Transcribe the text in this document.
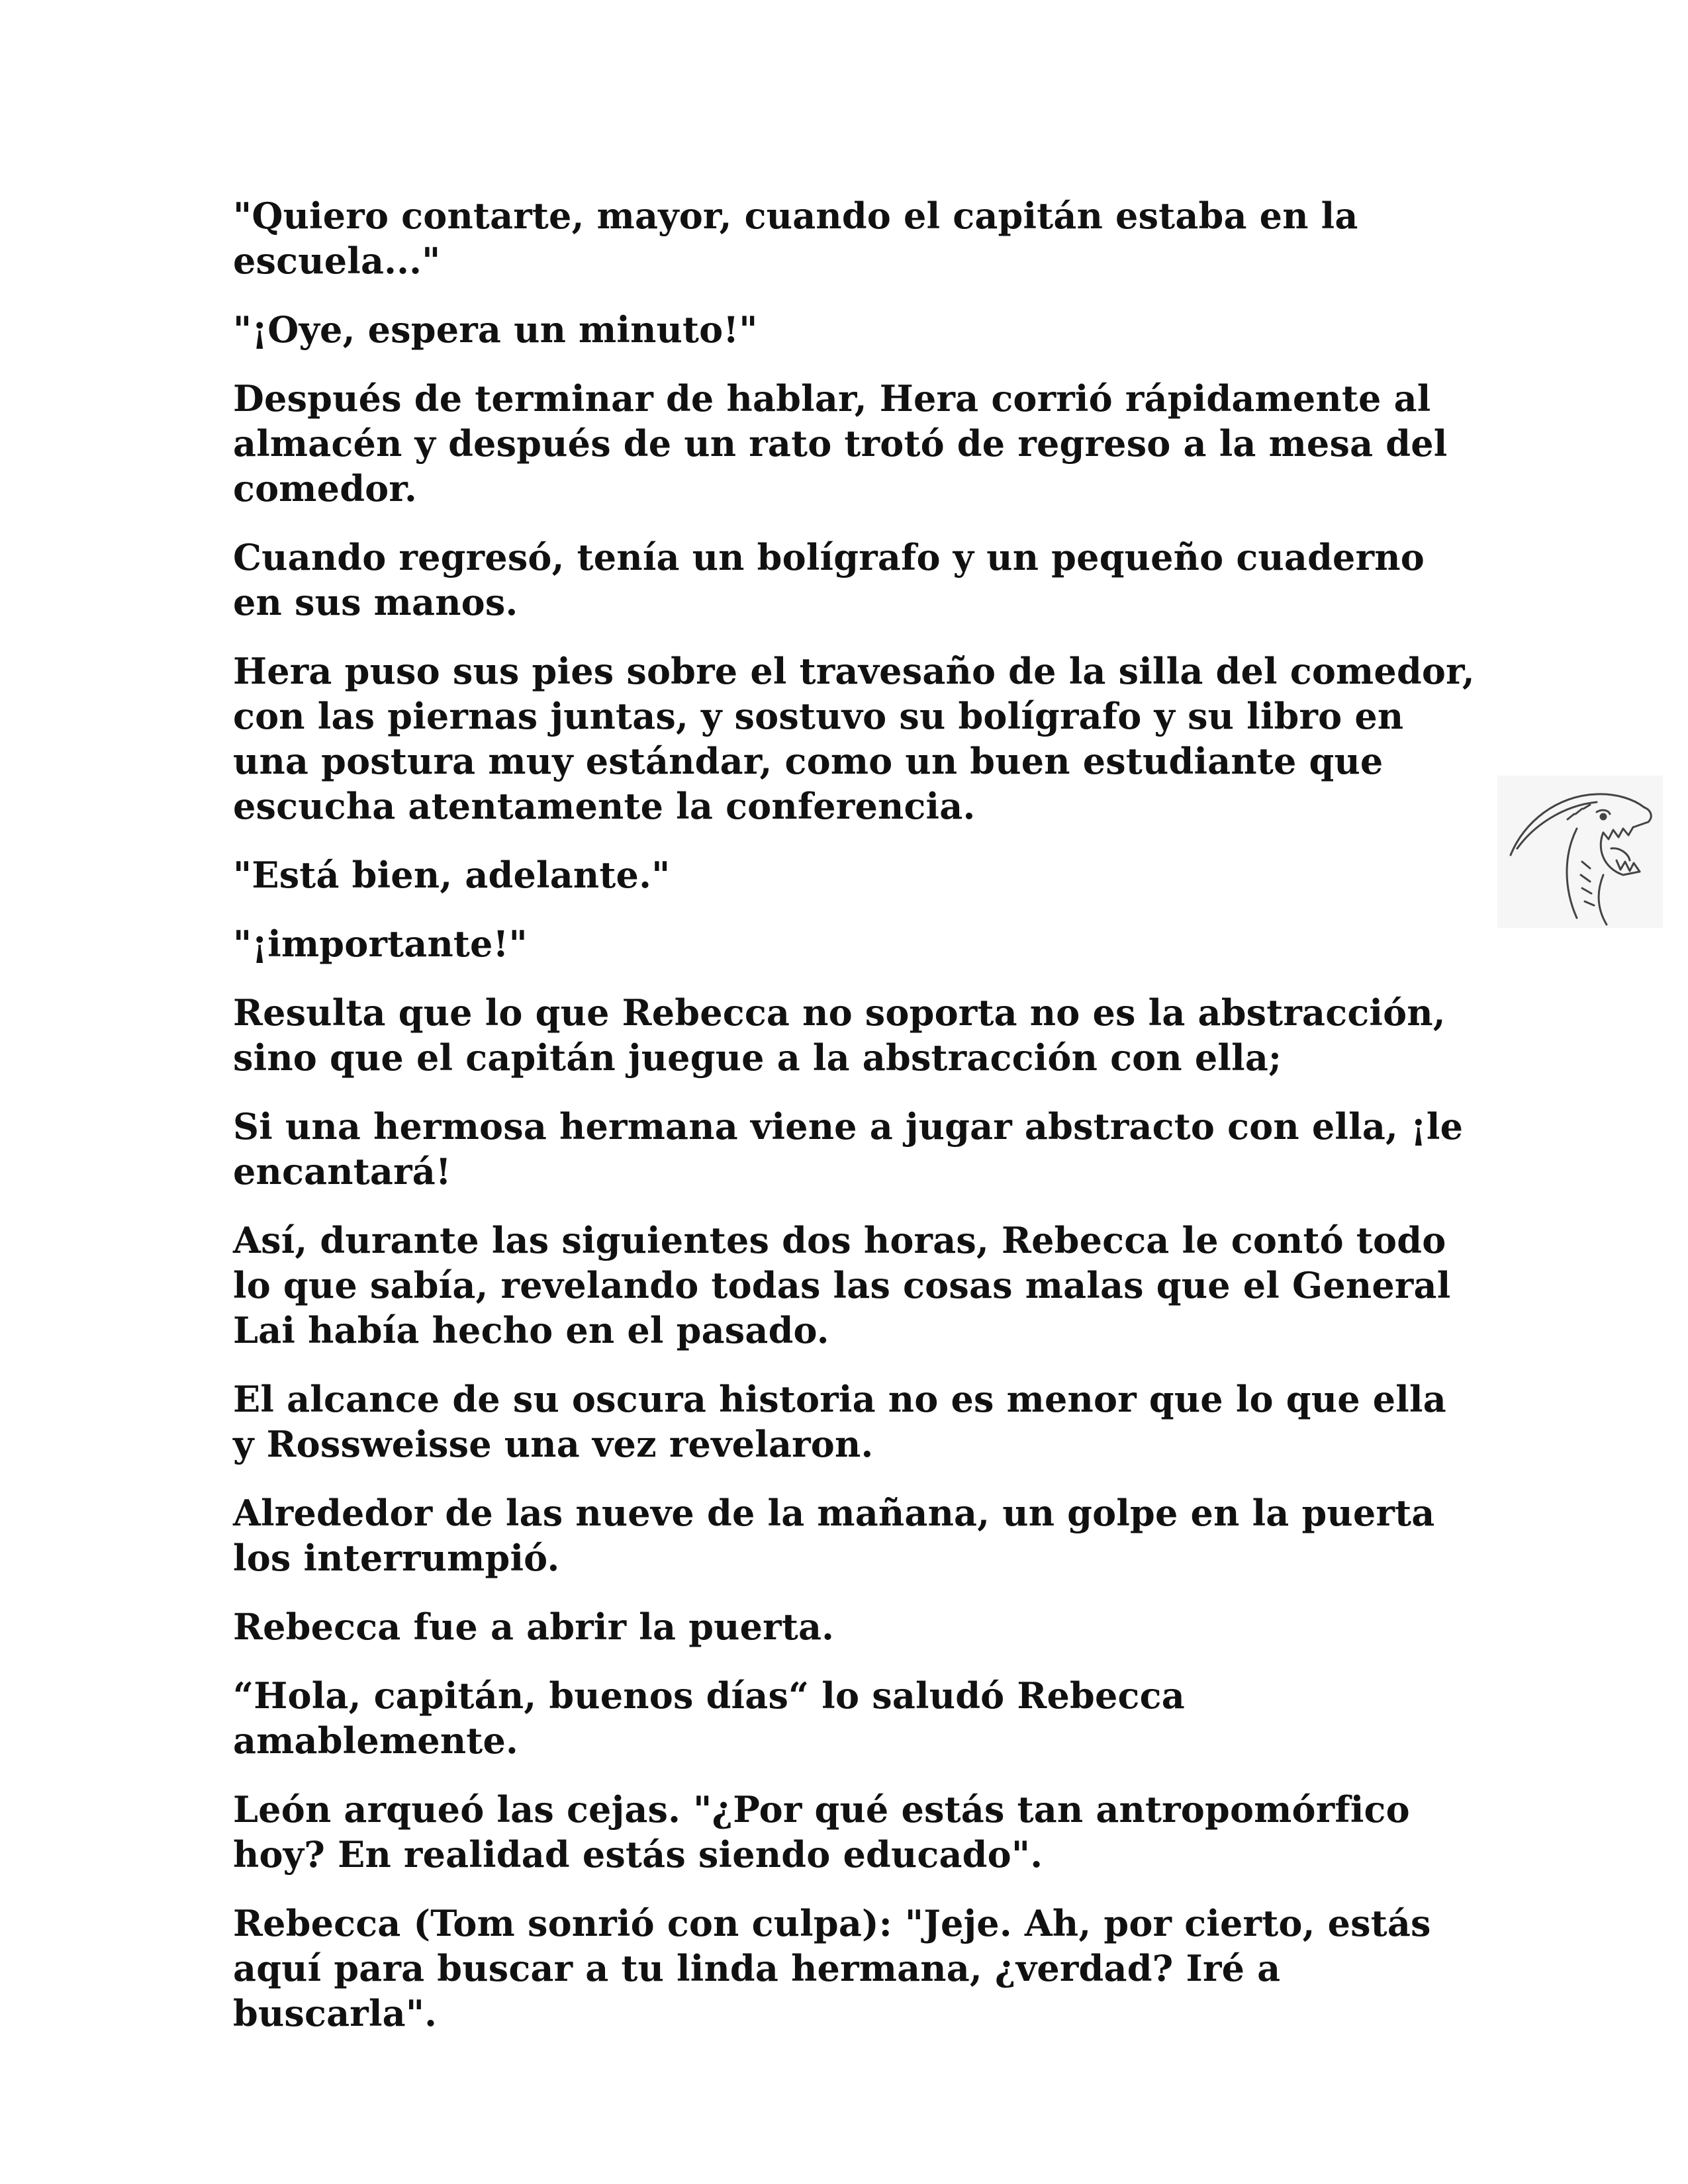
"Quiero contarte, mayor, cuando el capitán estaba en la escuela..."

"¡Oye, espera un minuto!"

Después de terminar de hablar, Hera corrió rápidamente al almacén y después de un rato trotó de regreso a la mesa del comedor.

Cuando regresó, tenía un bolígrafo y un pequeño cuaderno en sus manos.

Hera puso sus pies sobre el travesaño de la silla del comedor, con las piernas juntas, y sostuvo su bolígrafo y su libro en una postura muy estándar, como un buen estudiante que escucha atentamente la conferencia.

"Está bien, adelante."

"¡importante!"

Resulta que lo que Rebecca no soporta no es la abstracción, sino que el capitán juegue a la abstracción con ella;

Si una hermosa hermana viene a jugar abstracto con ella, ¡le encantará!

Así, durante las siguientes dos horas, Rebecca le contó todo lo que sabía, revelando todas las cosas malas que el General Lai había hecho en el pasado.

El alcance de su oscura historia no es menor que lo que ella y Rossweisse una vez revelaron.

Alrededor de las nueve de la mañana, un golpe en la puerta los interrumpió.

Rebecca fue a abrir la puerta.

“Hola, capitán, buenos días“ lo saludó Rebecca amablemente.

León arqueó las cejas. "¿Por qué estás tan antropomórfico hoy? En realidad estás siendo educado".

Rebecca (Tom sonrió con culpa): "Jeje. Ah, por cierto, estás aquí para buscar a tu linda hermana, ¿verdad? Iré a buscarla".
